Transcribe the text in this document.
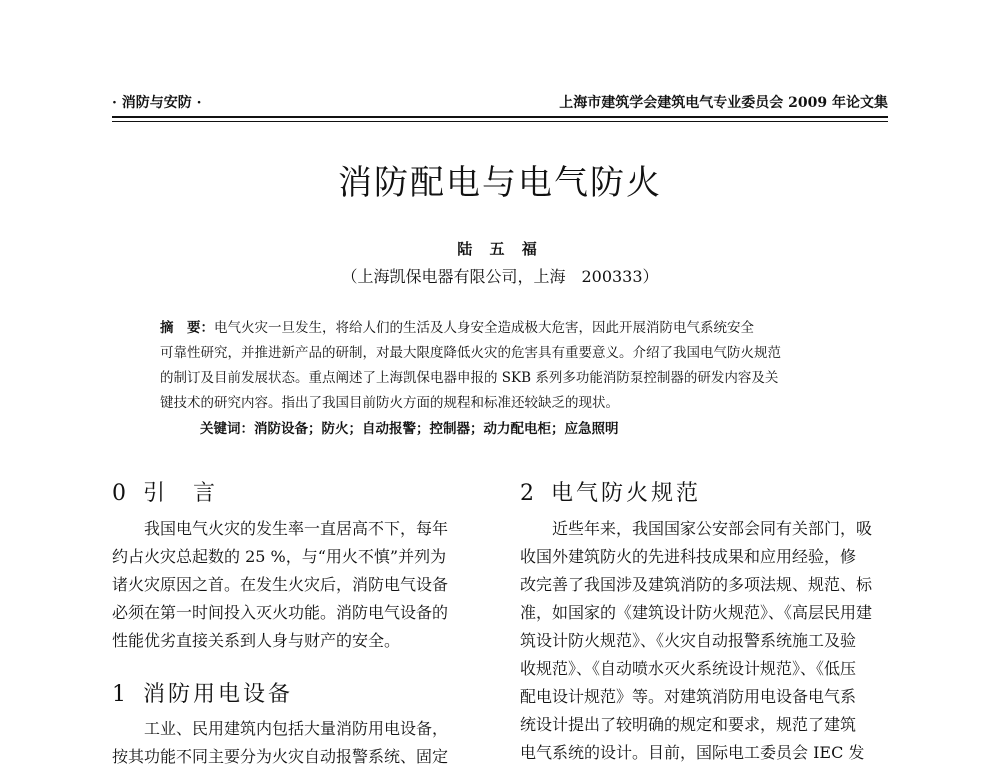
· 消防与安防 ·	上海市建筑学会建筑电气专业委员会 2009 年论文集
消防配电与电气防火
陆 五 福
（上海凯保电器有限公司，上海　200333）
摘　要：电气火灾一旦发生，将给人们的生活及人身安全造成极大危害，因此开展消防电气系统安全
可靠性研究，并推进新产品的研制，对最大限度降低火灾的危害具有重要意义。介绍了我国电气防火规范
的制订及目前发展状态。重点阐述了上海凯保电器申报的 SKB 系列多功能消防泵控制器的研发内容及关
键技术的研究内容。指出了我国目前防火方面的规程和标准还较缺乏的现状。
关键词：消防设备；防火；自动报警；控制器；动力配电柜；应急照明
0 引　言
　　我国电气火灾的发生率一直居高不下，每年
约占火灾总起数的 25 %，与“用火不慎”并列为
诸火灾原因之首。在发生火灾后，消防电气设备
必须在第一时间投入灭火功能。消防电气设备的
性能优劣直接关系到人身与财产的安全。
1 消防用电设备
　　工业、民用建筑内包括大量消防用电设备，
按其功能不同主要分为火灾自动报警系统、固定
2 电气防火规范
　　近些年来，我国国家公安部会同有关部门，吸
收国外建筑防火的先进科技成果和应用经验，修
改完善了我国涉及建筑消防的多项法规、规范、标
准，如国家的《建筑设计防火规范》、《高层民用建
筑设计防火规范》、《火灾自动报警系统施工及验
收规范》、《自动喷水灭火系统设计规范》、《低压
配电设计规范》等。对建筑消防用电设备电气系
统设计提出了较明确的规定和要求，规范了建筑
电气系统的设计。目前，国际电工委员会 IEC 发
